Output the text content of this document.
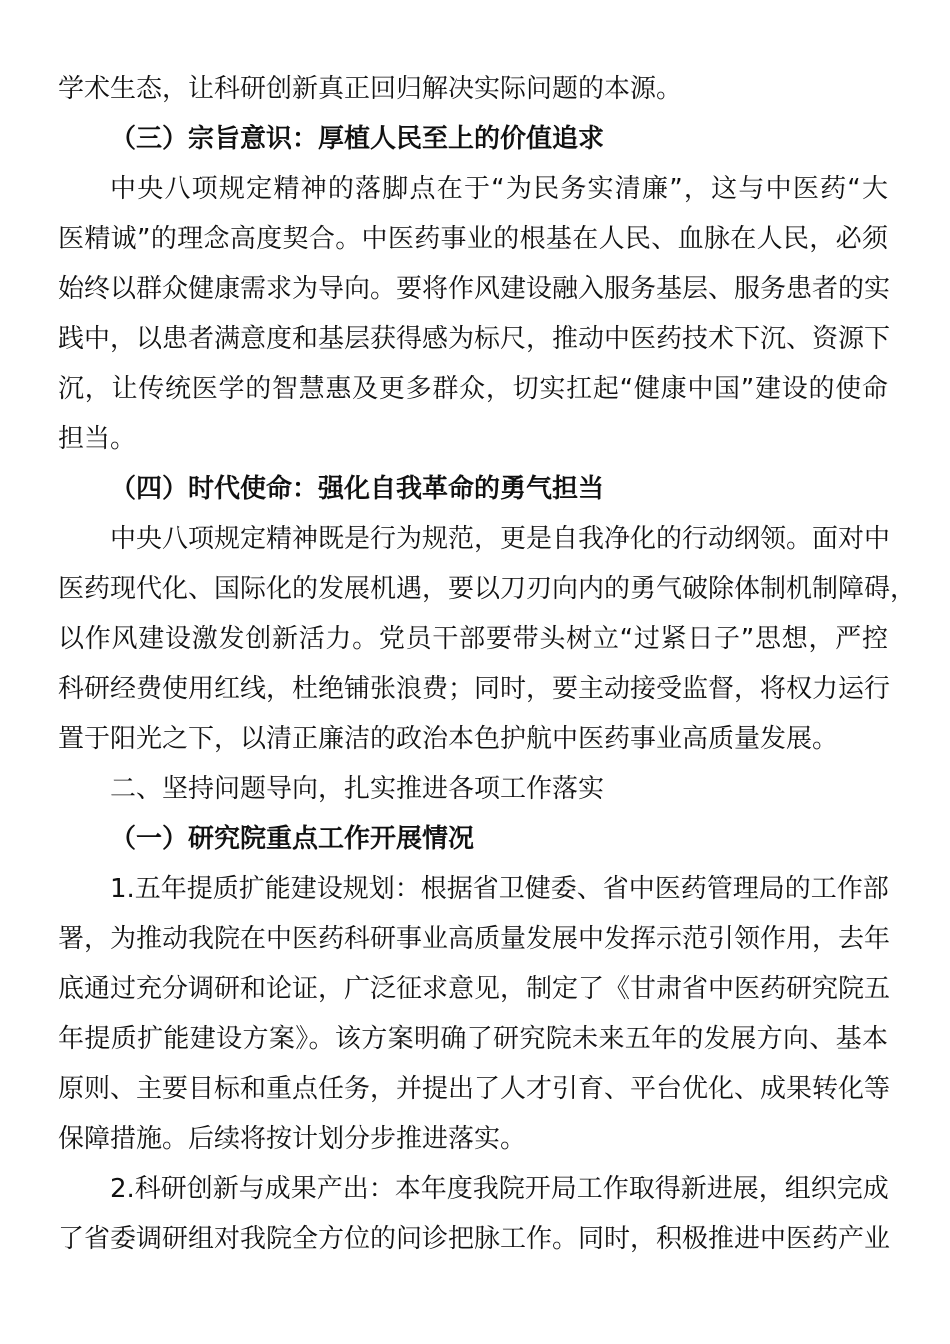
学术生态，让科研创新真正回归解决实际问题的本源。
（三）宗旨意识：厚植人民至上的价值追求
中央八项规定精神的落脚点在于“为民务实清廉”，这与中医药“大
医精诚”的理念高度契合。中医药事业的根基在人民、血脉在人民，必须
始终以群众健康需求为导向。要将作风建设融入服务基层、服务患者的实
践中，以患者满意度和基层获得感为标尺，推动中医药技术下沉、资源下
沉，让传统医学的智慧惠及更多群众，切实扛起“健康中国”建设的使命
担当。
（四）时代使命：强化自我革命的勇气担当
中央八项规定精神既是行为规范，更是自我净化的行动纲领。面对中
医药现代化、国际化的发展机遇，要以刀刃向内的勇气破除体制机制障碍，
以作风建设激发创新活力。党员干部要带头树立“过紧日子”思想，严控
科研经费使用红线，杜绝铺张浪费；同时，要主动接受监督，将权力运行
置于阳光之下，以清正廉洁的政治本色护航中医药事业高质量发展。
二、坚持问题导向，扎实推进各项工作落实
（一）研究院重点工作开展情况
1.五年提质扩能建设规划：根据省卫健委、省中医药管理局的工作部
署，为推动我院在中医药科研事业高质量发展中发挥示范引领作用，去年
底通过充分调研和论证，广泛征求意见，制定了《甘肃省中医药研究院五
年提质扩能建设方案》。该方案明确了研究院未来五年的发展方向、基本
原则、主要目标和重点任务，并提出了人才引育、平台优化、成果转化等
保障措施。后续将按计划分步推进落实。
2.科研创新与成果产出：本年度我院开局工作取得新进展，组织完成
了省委调研组对我院全方位的问诊把脉工作。同时，积极推进中医药产业
